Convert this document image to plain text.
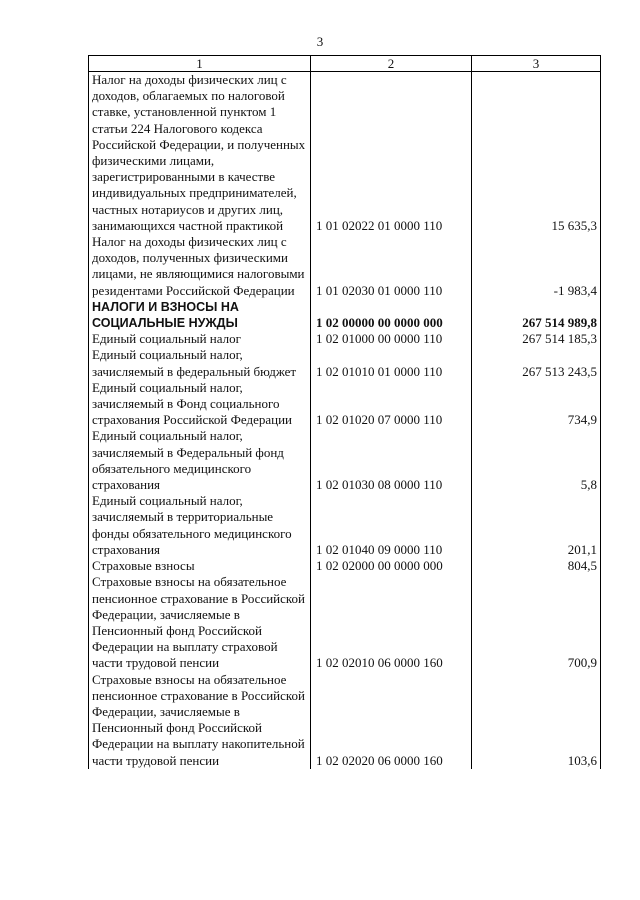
3
1	2	3
Налог на доходы физических лиц с доходов, облагаемых по налоговой ставке, установленной пунктом 1 статьи 224 Налогового кодекса Российской Федерации, и полученных физическими лицами, зарегистрированными в качестве индивидуальных предпринимателей, частных нотариусов и других лиц, занимающихся частной практикой	1 01 02022 01 0000 110	15 635,3
Налог на доходы физических лиц с доходов, полученных физическими лицами, не являющимися налоговыми резидентами Российской Федерации	1 01 02030 01 0000 110	-1 983,4
НАЛОГИ И ВЗНОСЫ НА СОЦИАЛЬНЫЕ НУЖДЫ	1 02 00000 00 0000 000	267 514 989,8
Единый социальный налог	1 02 01000 00 0000 110	267 514 185,3
Единый социальный налог, зачисляемый в федеральный бюджет	1 02 01010 01 0000 110	267 513 243,5
Единый социальный налог, зачисляемый в Фонд социального страхования Российской Федерации	1 02 01020 07 0000 110	734,9
Единый социальный налог, зачисляемый в Федеральный фонд обязательного медицинского страхования	1 02 01030 08 0000 110	5,8
Единый социальный налог, зачисляемый в территориальные фонды обязательного медицинского страхования	1 02 01040 09 0000 110	201,1
Страховые взносы	1 02 02000 00 0000 000	804,5
Страховые взносы на обязательное пенсионное страхование в Российской Федерации, зачисляемые в Пенсионный фонд Российской Федерации на выплату страховой части трудовой пенсии	1 02 02010 06 0000 160	700,9
Страховые взносы на обязательное пенсионное страхование в Российской Федерации, зачисляемые в Пенсионный фонд Российской Федерации на выплату накопительной части трудовой пенсии	1 02 02020 06 0000 160	103,6
